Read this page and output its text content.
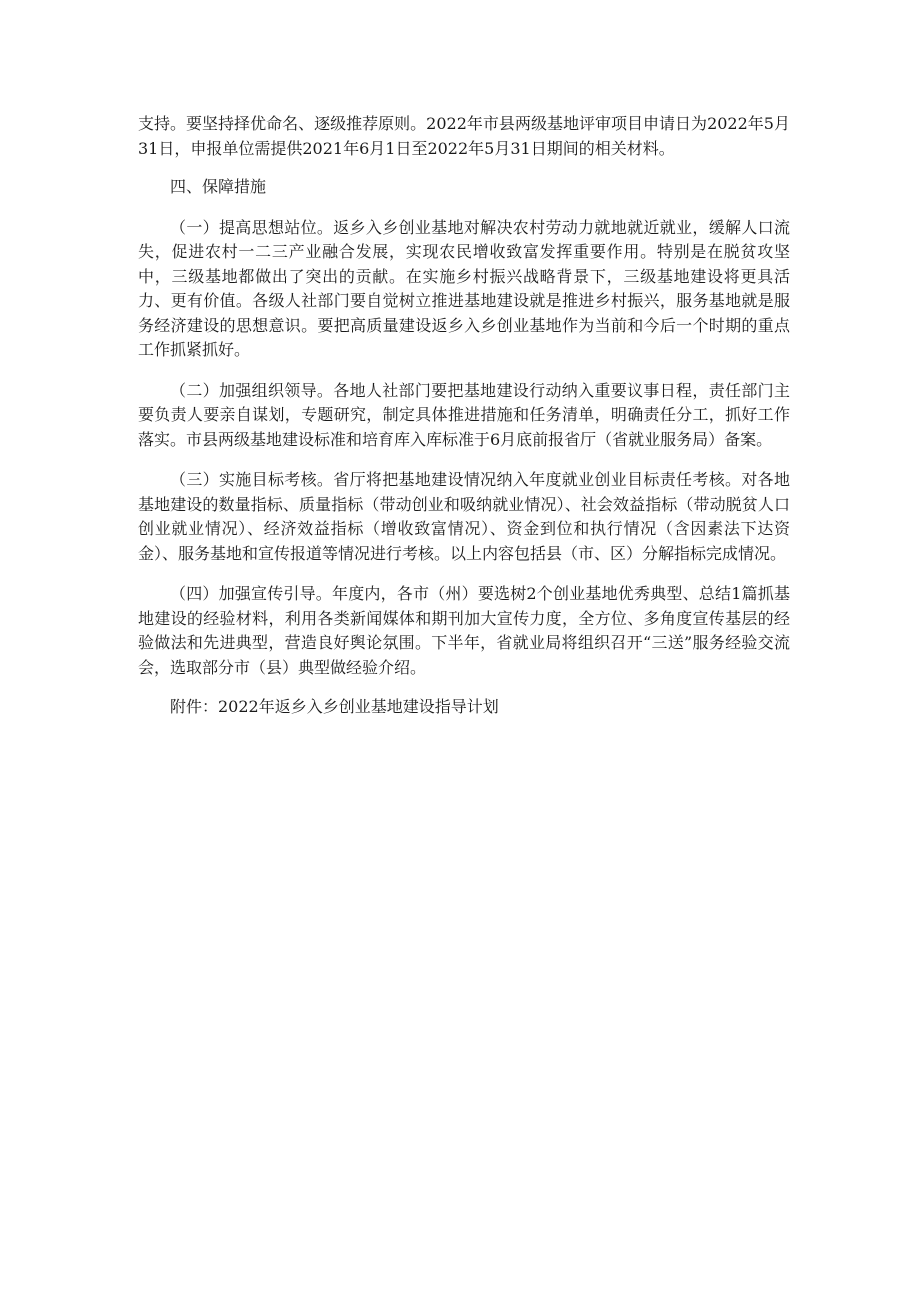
支持。要坚持择优命名、逐级推荐原则。2022年市县两级基地评审项目申请日为2022年5月31日，申报单位需提供2021年6月1日至2022年5月31日期间的相关材料。

四、保障措施

（一）提高思想站位。返乡入乡创业基地对解决农村劳动力就地就近就业，缓解人口流失，促进农村一二三产业融合发展，实现农民增收致富发挥重要作用。特别是在脱贫攻坚中，三级基地都做出了突出的贡献。在实施乡村振兴战略背景下，三级基地建设将更具活力、更有价值。各级人社部门要自觉树立推进基地建设就是推进乡村振兴，服务基地就是服务经济建设的思想意识。要把高质量建设返乡入乡创业基地作为当前和今后一个时期的重点工作抓紧抓好。

（二）加强组织领导。各地人社部门要把基地建设行动纳入重要议事日程，责任部门主要负责人要亲自谋划，专题研究，制定具体推进措施和任务清单，明确责任分工，抓好工作落实。市县两级基地建设标准和培育库入库标准于6月底前报省厅（省就业服务局）备案。

（三）实施目标考核。省厅将把基地建设情况纳入年度就业创业目标责任考核。对各地基地建设的数量指标、质量指标（带动创业和吸纳就业情况）、社会效益指标（带动脱贫人口创业就业情况）、经济效益指标（增收致富情况）、资金到位和执行情况（含因素法下达资金）、服务基地和宣传报道等情况进行考核。以上内容包括县（市、区）分解指标完成情况。

（四）加强宣传引导。年度内，各市（州）要选树2个创业基地优秀典型、总结1篇抓基地建设的经验材料，利用各类新闻媒体和期刊加大宣传力度，全方位、多角度宣传基层的经验做法和先进典型，营造良好舆论氛围。下半年，省就业局将组织召开“三送”服务经验交流会，选取部分市（县）典型做经验介绍。

附件：2022年返乡入乡创业基地建设指导计划
